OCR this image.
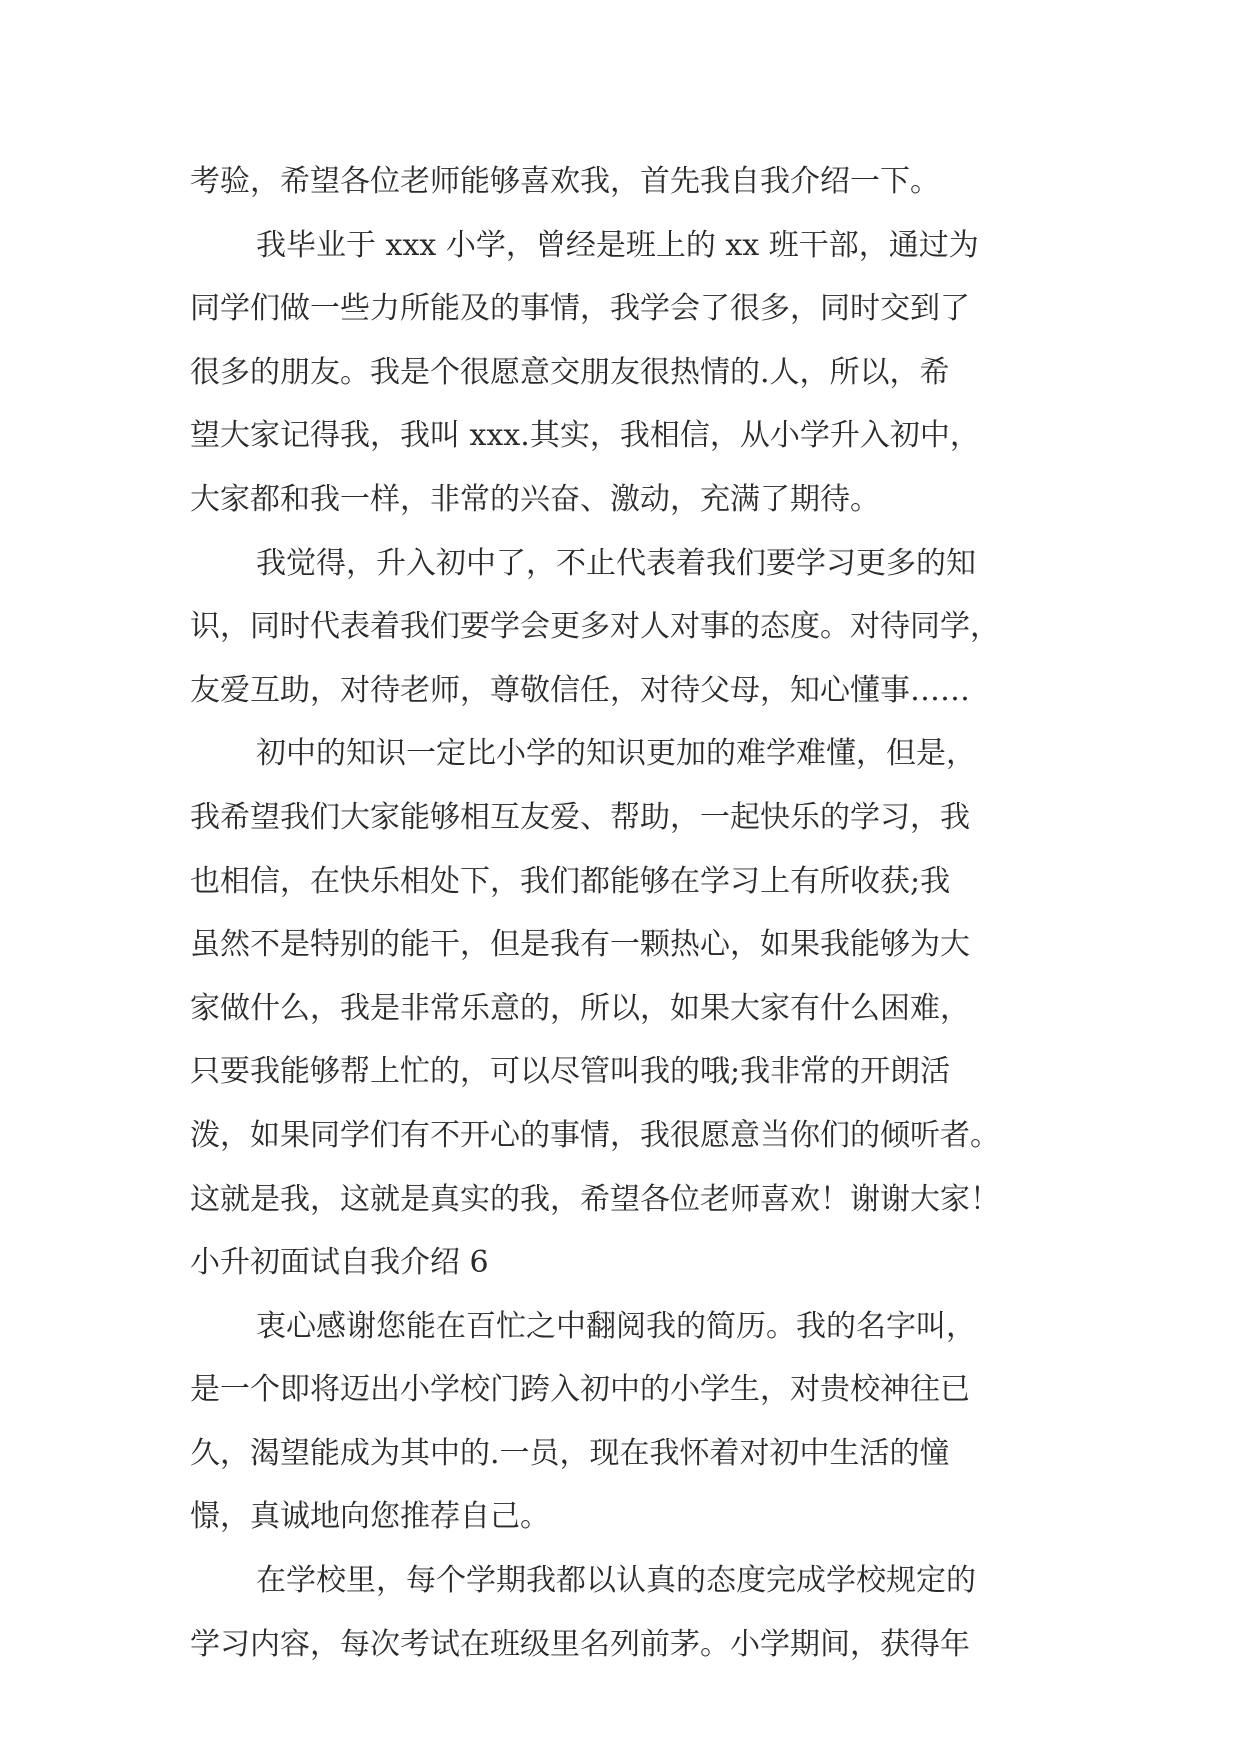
考验，希望各位老师能够喜欢我，首先我自我介绍一下。

我毕业于 xxx 小学，曾经是班上的 xx 班干部，通过为

同学们做一些力所能及的事情，我学会了很多，同时交到了

很多的朋友。我是个很愿意交朋友很热情的.人，所以，希

望大家记得我，我叫 xxx.其实，我相信，从小学升入初中，

大家都和我一样，非常的兴奋、激动，充满了期待。

我觉得，升入初中了，不止代表着我们要学习更多的知

识，同时代表着我们要学会更多对人对事的态度。对待同学，

友爱互助，对待老师，尊敬信任，对待父母，知心懂事……

初中的知识一定比小学的知识更加的难学难懂，但是，

我希望我们大家能够相互友爱、帮助，一起快乐的学习，我

也相信，在快乐相处下，我们都能够在学习上有所收获;我

虽然不是特别的能干，但是我有一颗热心，如果我能够为大

家做什么，我是非常乐意的，所以，如果大家有什么困难，

只要我能够帮上忙的，可以尽管叫我的哦;我非常的开朗活

泼，如果同学们有不开心的事情，我很愿意当你们的倾听者。

这就是我，这就是真实的我，希望各位老师喜欢！谢谢大家！

小升初面试自我介绍 6

衷心感谢您能在百忙之中翻阅我的简历。我的名字叫，

是一个即将迈出小学校门跨入初中的小学生，对贵校神往已

久，渴望能成为其中的.一员，现在我怀着对初中生活的憧

憬，真诚地向您推荐自己。

在学校里，每个学期我都以认真的态度完成学校规定的

学习内容，每次考试在班级里名列前茅。小学期间，获得年
